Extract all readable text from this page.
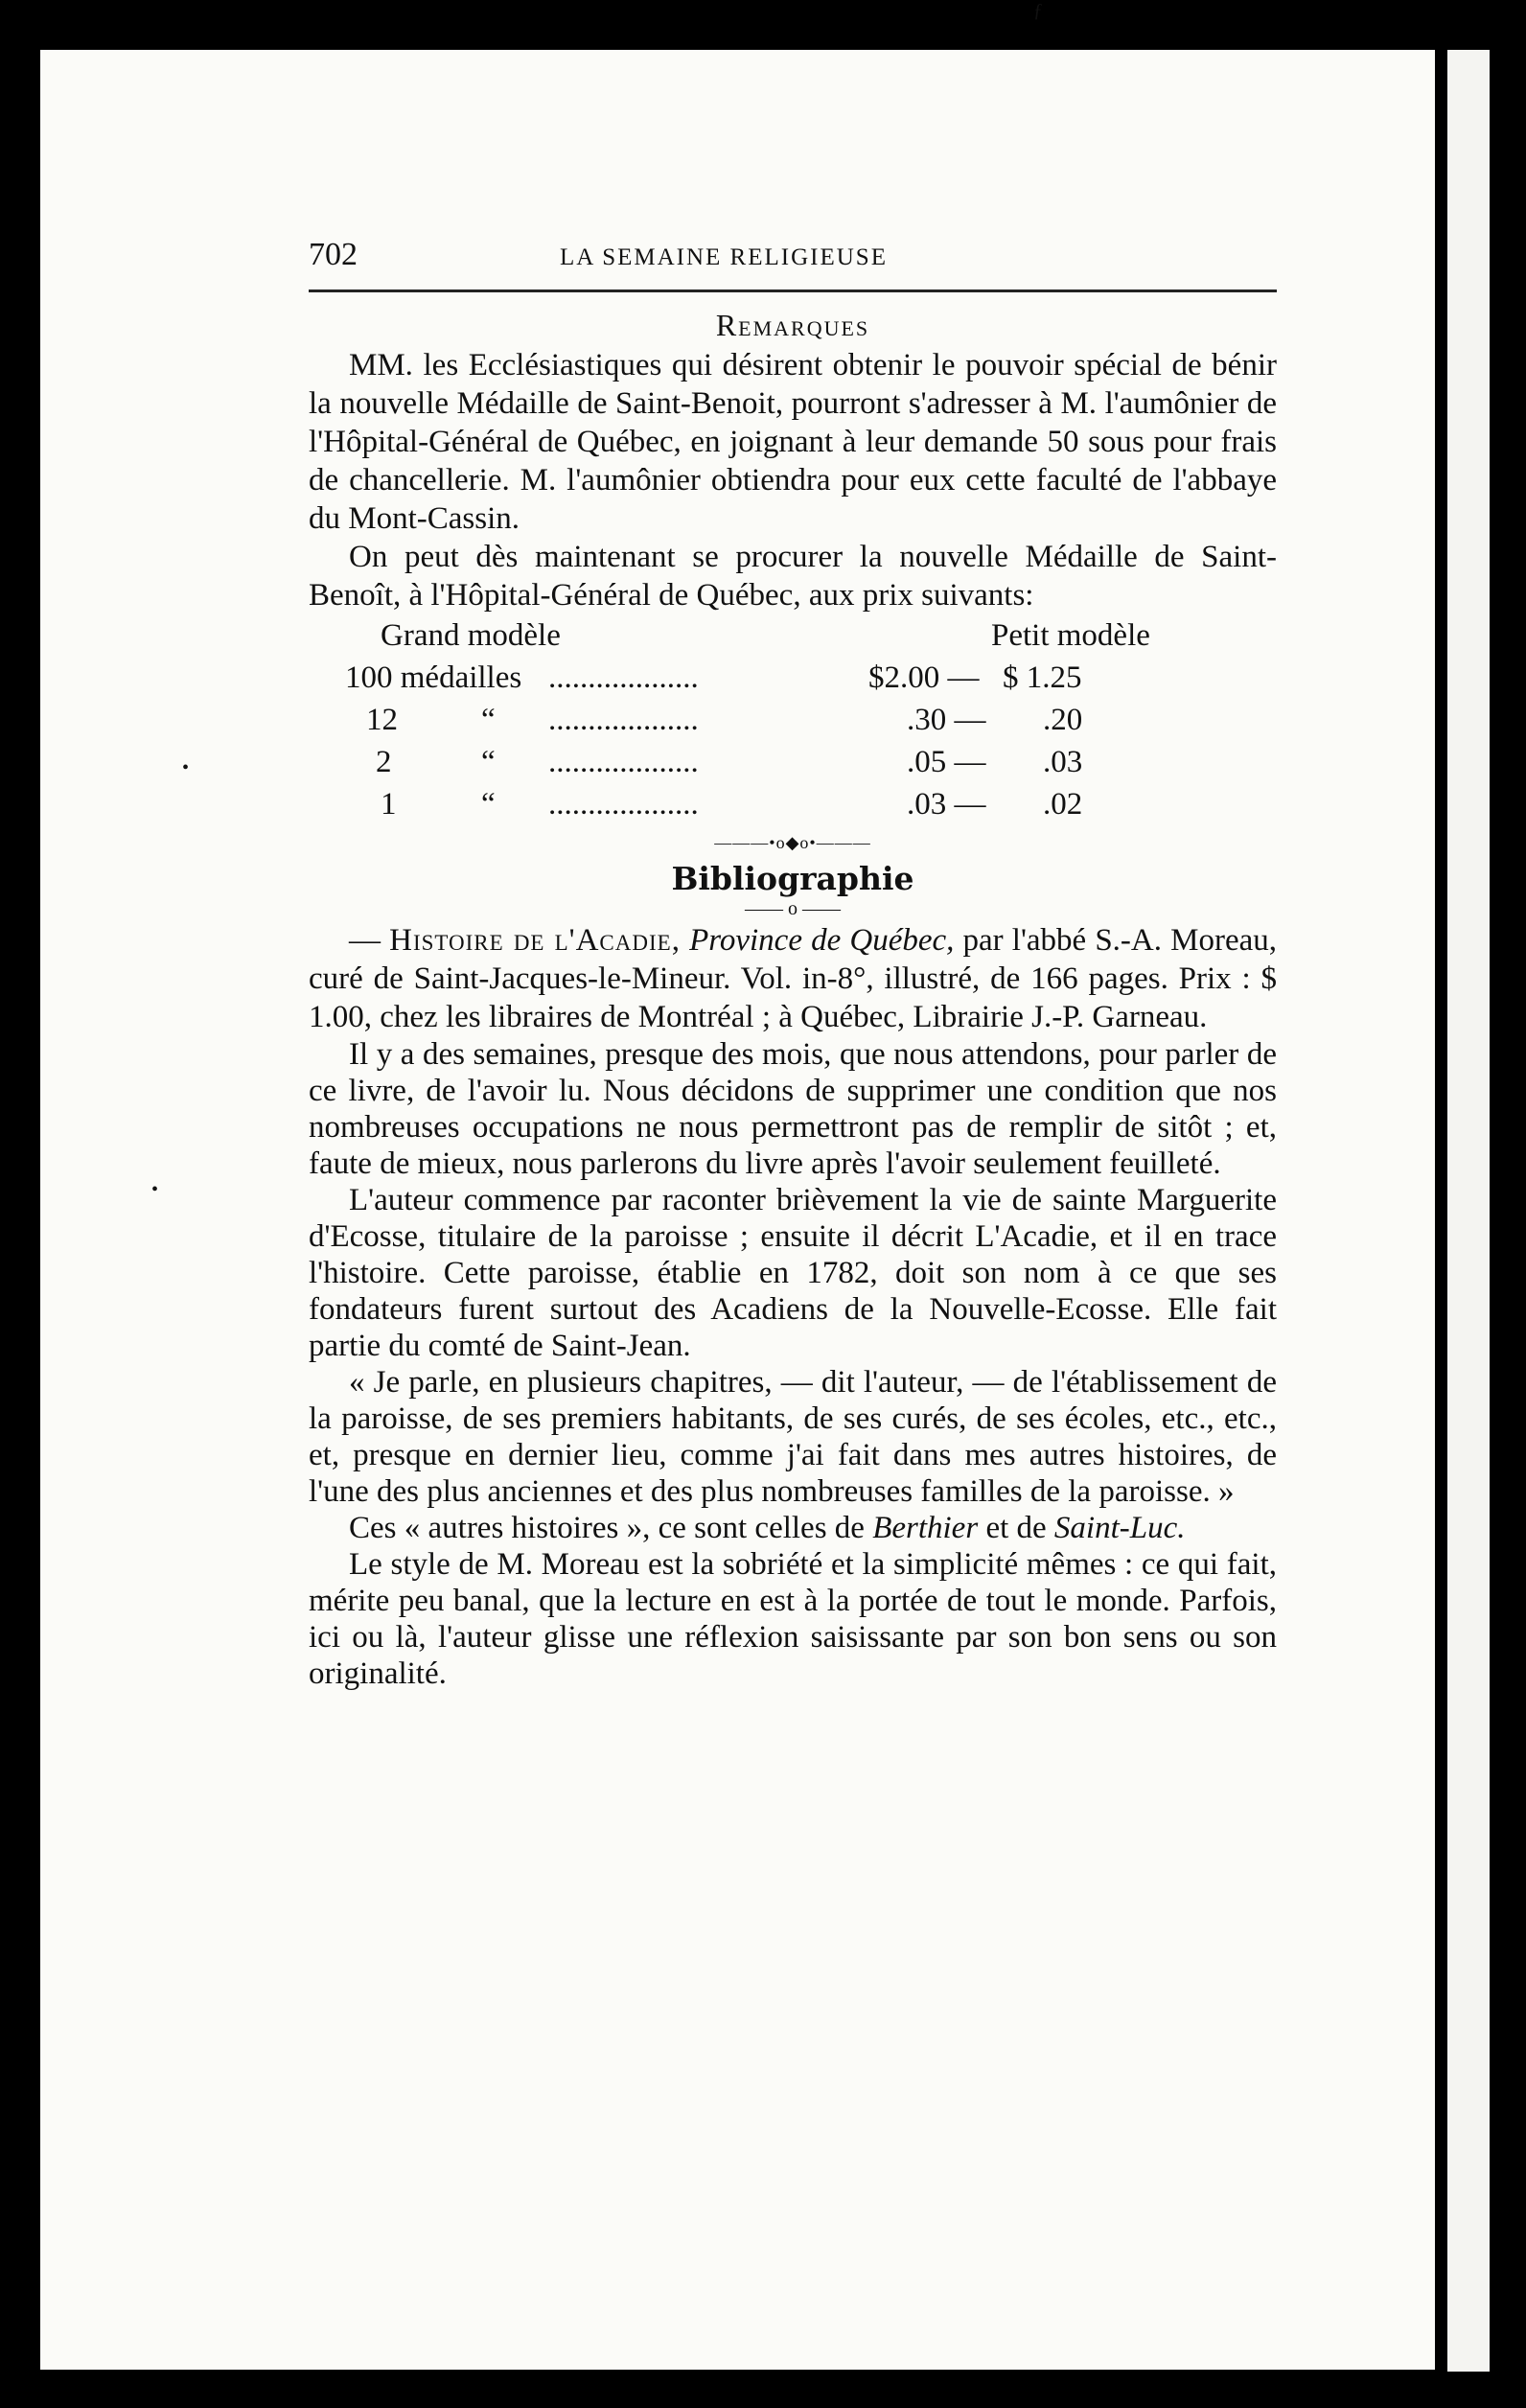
ƒ
•
•
702	LA SEMAINE RELIGIEUSE
Remarques

MM. les Ecclésiastiques qui désirent obtenir le pouvoir spécial de bénir la nouvelle Médaille de Saint-Benoit, pourront s'adresser à M. l'aumônier de l'Hôpital-Général de Québec, en joignant à leur demande 50 sous pour frais de chancellerie. M. l'aumônier obtiendra pour eux cette faculté de l'abbaye du Mont-Cassin.

On peut dès maintenant se procurer la nouvelle Médaille de Saint-Benoît, à l'Hôpital-Général de Québec, aux prix suivants:

Grand modèle	Petit modèle
100 médailles ...................	$2.00 — $ 1.25
12	“ ...................	.30 — .20
2	“ ...................	.05 — .03
1	“ ...................	.03 — .02
———•o◆o•———
Bibliographie
—— o ——

— Histoire de l'Acadie, Province de Québec, par l'abbé S.-A. Moreau, curé de Saint-Jacques-le-Mineur. Vol. in-8°, illustré, de 166 pages. Prix : $ 1.00, chez les libraires de Montréal ; à Québec, Librairie J.-P. Garneau.

Il y a des semaines, presque des mois, que nous attendons, pour parler de ce livre, de l'avoir lu. Nous décidons de supprimer une condition que nos nombreuses occupations ne nous permettront pas de remplir de sitôt ; et, faute de mieux, nous parlerons du livre après l'avoir seulement feuilleté.

L'auteur commence par raconter brièvement la vie de sainte Marguerite d'Ecosse, titulaire de la paroisse ; ensuite il décrit L'Acadie, et il en trace l'histoire. Cette paroisse, établie en 1782, doit son nom à ce que ses fondateurs furent surtout des Acadiens de la Nouvelle-Ecosse. Elle fait partie du comté de Saint-Jean.

« Je parle, en plusieurs chapitres, — dit l'auteur, — de l'établissement de la paroisse, de ses premiers habitants, de ses curés, de ses écoles, etc., etc., et, presque en dernier lieu, comme j'ai fait dans mes autres histoires, de l'une des plus anciennes et des plus nombreuses familles de la paroisse. »

Ces « autres histoires », ce sont celles de Berthier et de Saint-Luc.

Le style de M. Moreau est la sobriété et la simplicité mêmes : ce qui fait, mérite peu banal, que la lecture en est à la portée de tout le monde. Parfois, ici ou là, l'auteur glisse une réflexion saisissante par son bon sens ou son originalité.
